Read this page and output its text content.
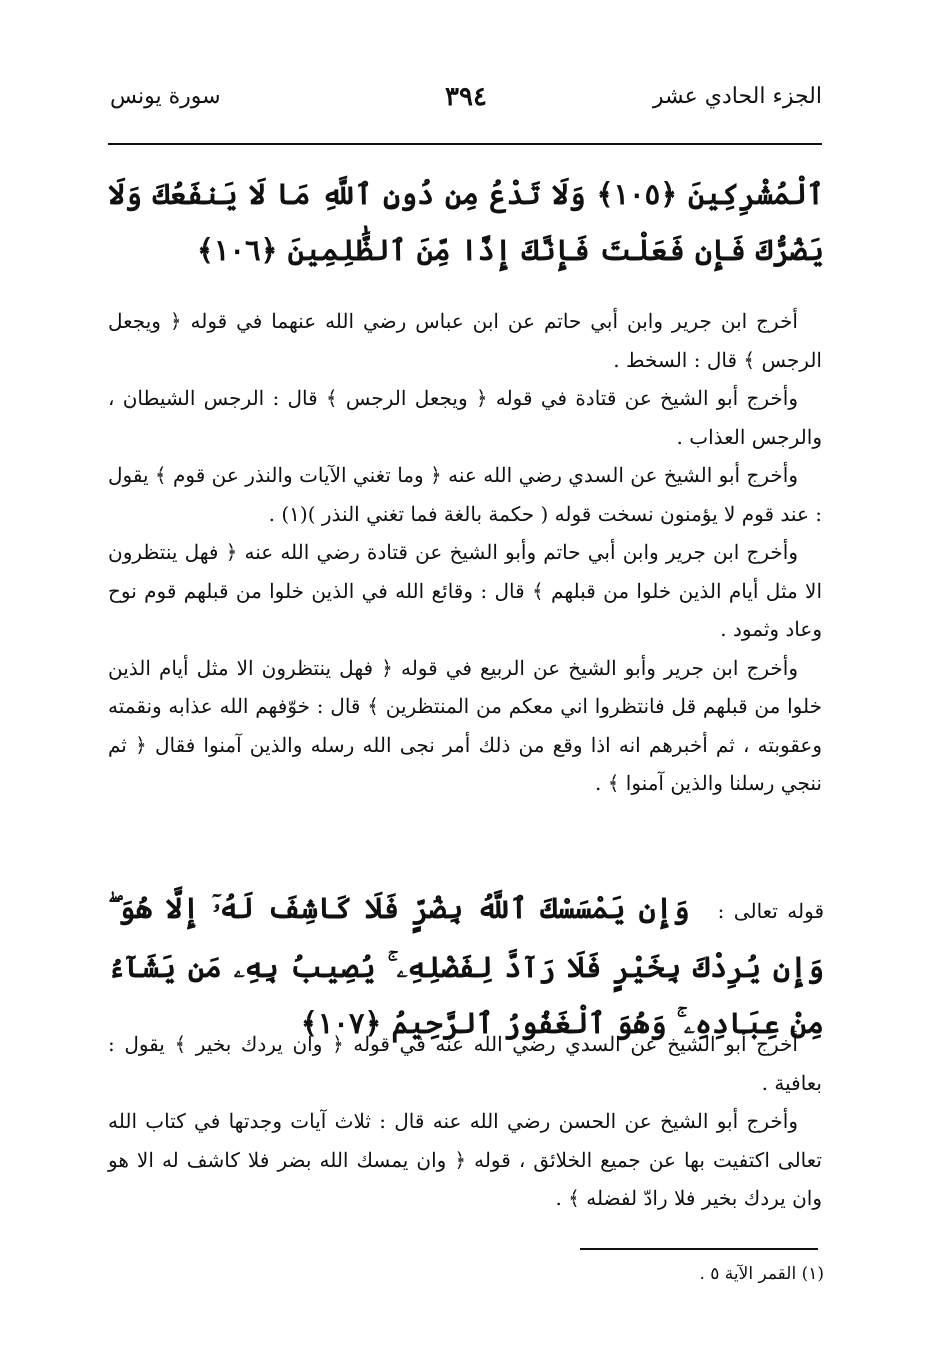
الجزء الحادي عشر
٣٩٤
سورة يونس
ٱلْمُشْرِكِينَ ﴿١٠٥﴾ وَلَا تَدْعُ مِن دُونِ ٱللَّهِ مَا لَا يَنفَعُكَ وَلَا يَضُرُّكَ فَإِن فَعَلْتَ فَإِنَّكَ إِذًا مِّنَ ٱلظَّٰلِمِينَ ﴿١٠٦﴾

أخرج ابن جرير وابن أبي حاتم عن ابن عباس رضي الله عنهما في قوله ﴿ ويجعل الرجس ﴾ قال : السخط .

وأخرج أبو الشيخ عن قتادة في قوله ﴿ ويجعل الرجس ﴾ قال : الرجس الشيطان ، والرجس العذاب .

وأخرج أبو الشيخ عن السدي رضي الله عنه ﴿ وما تغني الآيات والنذر عن قوم ﴾ يقول : عند قوم لا يؤمنون نسخت قوله ( حكمة بالغة فما تغني النذر )(١) .

وأخرج ابن جرير وابن أبي حاتم وأبو الشيخ عن قتادة رضي الله عنه ﴿ فهل ينتظرون الا مثل أيام الذين خلوا من قبلهم ﴾ قال : وقائع الله في الذين خلوا من قبلهم قوم نوح وعاد وثمود .

وأخرج ابن جرير وأبو الشيخ عن الربيع في قوله ﴿ فهل ينتظرون الا مثل أيام الذين خلوا من قبلهم قل فانتظروا اني معكم من المنتظرين ﴾ قال : خوّفهم الله عذابه ونقمته وعقوبته ، ثم أخبرهم انه اذا وقع من ذلك أمر نجى الله رسله والذين آمنوا فقال ﴿ ثم ننجي رسلنا والذين آمنوا ﴾ .

قوله تعالى :وَإِن يَمْسَسْكَ ٱللَّهُ بِضُرٍّ فَلَا كَاشِفَ لَهُۥٓ إِلَّا هُوَ ۖ وَإِن يُرِدْكَ بِخَيْرٍ فَلَا رَآدَّ لِفَضْلِهِۦ ۚ يُصِيبُ بِهِۦ مَن يَشَآءُ مِنْ عِبَادِهِۦ ۚ وَهُوَ ٱلْغَفُورُ ٱلرَّحِيمُ ﴿١٠٧﴾

أخرج أبو الشيخ عن السدي رضي الله عنه في قوله ﴿ وان يردك بخير ﴾ يقول : بعافية .

وأخرج أبو الشيخ عن الحسن رضي الله عنه قال : ثلاث آيات وجدتها في كتاب الله تعالى اكتفيت بها عن جميع الخلائق ، قوله ﴿ وان يمسك الله بضر فلا كاشف له الا هو وان يردك بخير فلا رادّ لفضله ﴾ .

(١) القمر الآية ٥ .
